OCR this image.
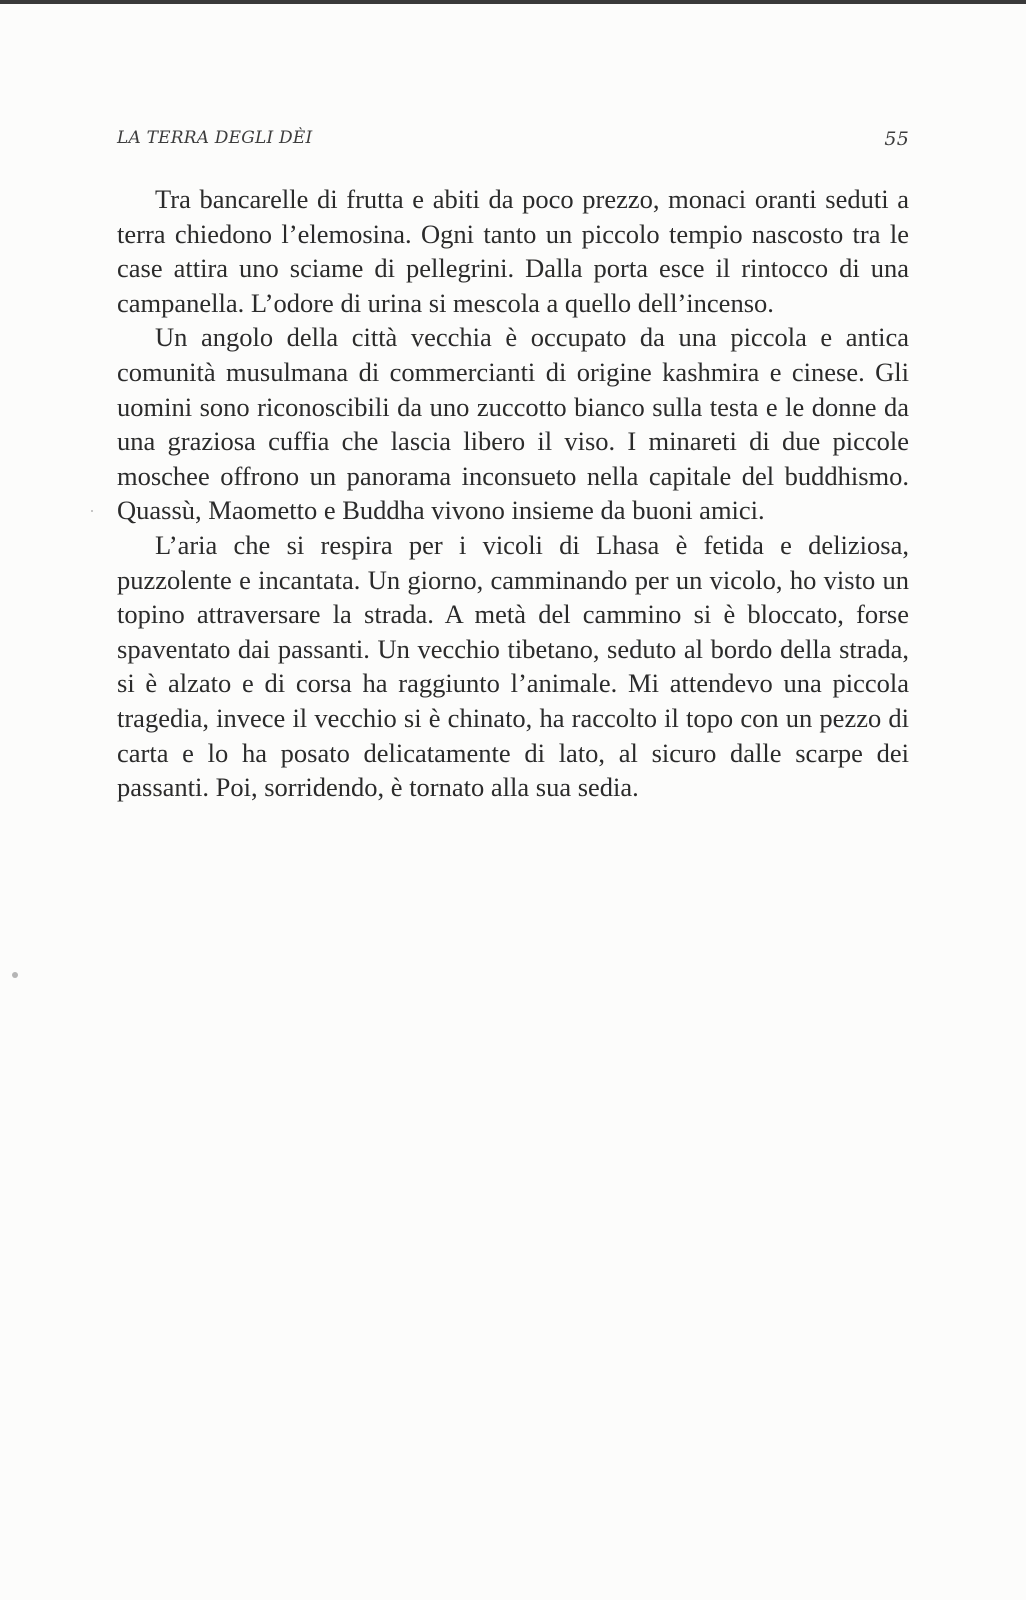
LA TERRA DEGLI DÈI	55

Tra bancarelle di frutta e abiti da poco prezzo, monaci oranti seduti a terra chiedono l’elemosina. Ogni tanto un piccolo tempio nascosto tra le case attira uno sciame di pellegrini. Dalla porta esce il rintocco di una campanella. L’odore di urina si mescola a quello dell’incenso.

Un angolo della città vecchia è occupato da una piccola e antica comunità musulmana di commercianti di origine kashmira e cinese. Gli uomini sono riconoscibili da uno zuccotto bianco sulla testa e le donne da una graziosa cuffia che lascia libero il viso. I minareti di due piccole moschee offrono un panorama inconsueto nella capitale del buddhismo. Quassù, Maometto e Buddha vivono insieme da buoni amici.

L’aria che si respira per i vicoli di Lhasa è fetida e deliziosa, puzzolente e incantata. Un giorno, camminando per un vicolo, ho visto un topino attraversare la strada. A metà del cammino si è bloccato, forse spaventato dai passanti. Un vecchio tibetano, seduto al bordo della strada, si è alzato e di corsa ha raggiunto l’animale. Mi attendevo una piccola tragedia, invece il vecchio si è chinato, ha raccolto il topo con un pezzo di carta e lo ha posato delicatamente di lato, al sicuro dalle scarpe dei passanti. Poi, sorridendo, è tornato alla sua sedia.
